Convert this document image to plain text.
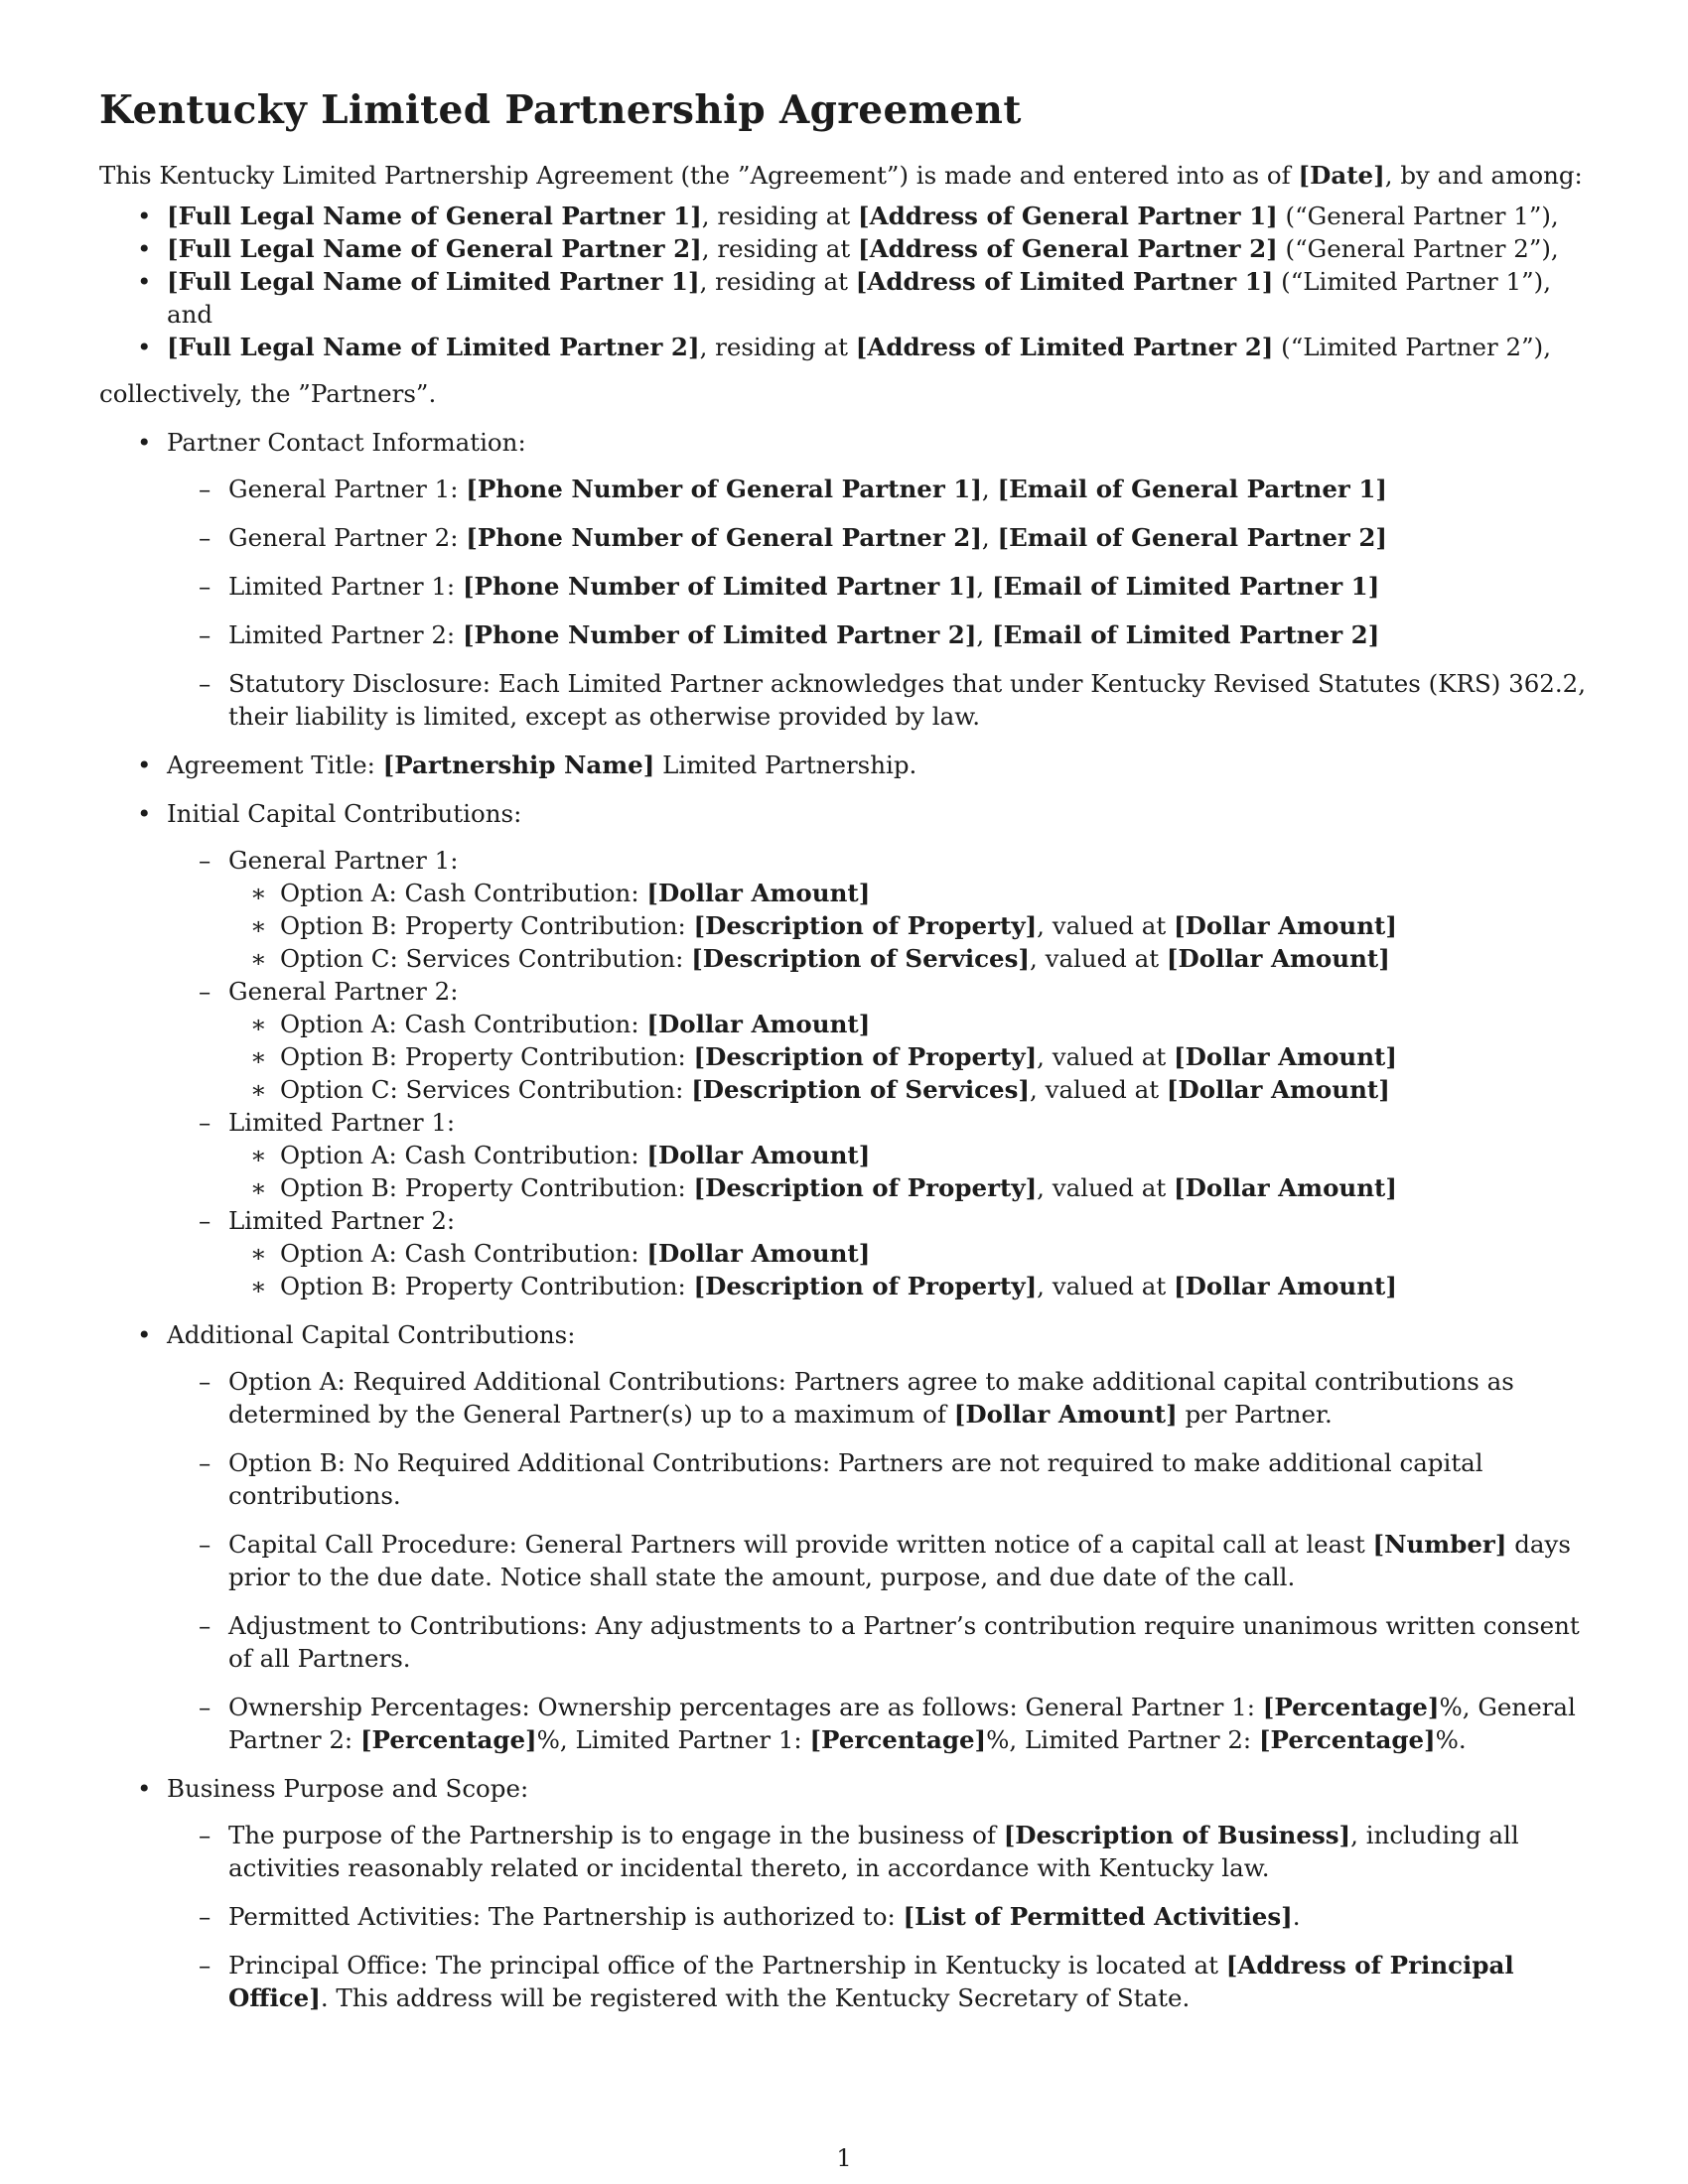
Kentucky Limited Partnership Agreement

This Kentucky Limited Partnership Agreement (the ”Agreement”) is made and entered into as of [Date], by and among:

• [Full Legal Name of General Partner 1], residing at [Address of General Partner 1] (“General Partner 1”),
• [Full Legal Name of General Partner 2], residing at [Address of General Partner 2] (“General Partner 2”),
• [Full Legal Name of Limited Partner 1], residing at [Address of Limited Partner 1] (“Limited Partner 1”), and
• [Full Legal Name of Limited Partner 2], residing at [Address of Limited Partner 2] (“Limited Partner 2”),

collectively, the ”Partners”.

• Partner Contact Information:
– General Partner 1: [Phone Number of General Partner 1], [Email of General Partner 1]
– General Partner 2: [Phone Number of General Partner 2], [Email of General Partner 2]
– Limited Partner 1: [Phone Number of Limited Partner 1], [Email of Limited Partner 1]
– Limited Partner 2: [Phone Number of Limited Partner 2], [Email of Limited Partner 2]
– Statutory Disclosure: Each Limited Partner acknowledges that under Kentucky Revised Statutes (KRS) 362.2, their liability is limited, except as otherwise provided by law.
• Agreement Title: [Partnership Name] Limited Partnership.
• Initial Capital Contributions:
– General Partner 1:
∗ Option A: Cash Contribution: [Dollar Amount]
∗ Option B: Property Contribution: [Description of Property], valued at [Dollar Amount]
∗ Option C: Services Contribution: [Description of Services], valued at [Dollar Amount]
– General Partner 2:
∗ Option A: Cash Contribution: [Dollar Amount]
∗ Option B: Property Contribution: [Description of Property], valued at [Dollar Amount]
∗ Option C: Services Contribution: [Description of Services], valued at [Dollar Amount]
– Limited Partner 1:
∗ Option A: Cash Contribution: [Dollar Amount]
∗ Option B: Property Contribution: [Description of Property], valued at [Dollar Amount]
– Limited Partner 2:
∗ Option A: Cash Contribution: [Dollar Amount]
∗ Option B: Property Contribution: [Description of Property], valued at [Dollar Amount]
• Additional Capital Contributions:
– Option A: Required Additional Contributions: Partners agree to make additional capital contributions as determined by the General Partner(s) up to a maximum of [Dollar Amount] per Partner.
– Option B: No Required Additional Contributions: Partners are not required to make additional capital contributions.
– Capital Call Procedure: General Partners will provide written notice of a capital call at least [Number] days prior to the due date. Notice shall state the amount, purpose, and due date of the call.
– Adjustment to Contributions: Any adjustments to a Partner’s contribution require unanimous written consent of all Partners.
– Ownership Percentages: Ownership percentages are as follows: General Partner 1: [Percentage]%, General Partner 2: [Percentage]%, Limited Partner 1: [Percentage]%, Limited Partner 2: [Percentage]%.
• Business Purpose and Scope:
– The purpose of the Partnership is to engage in the business of [Description of Business], including all activities reasonably related or incidental thereto, in accordance with Kentucky law.
– Permitted Activities: The Partnership is authorized to: [List of Permitted Activities].
– Principal Office: The principal office of the Partnership in Kentucky is located at [Address of Principal Office]. This address will be registered with the Kentucky Secretary of State.
1
